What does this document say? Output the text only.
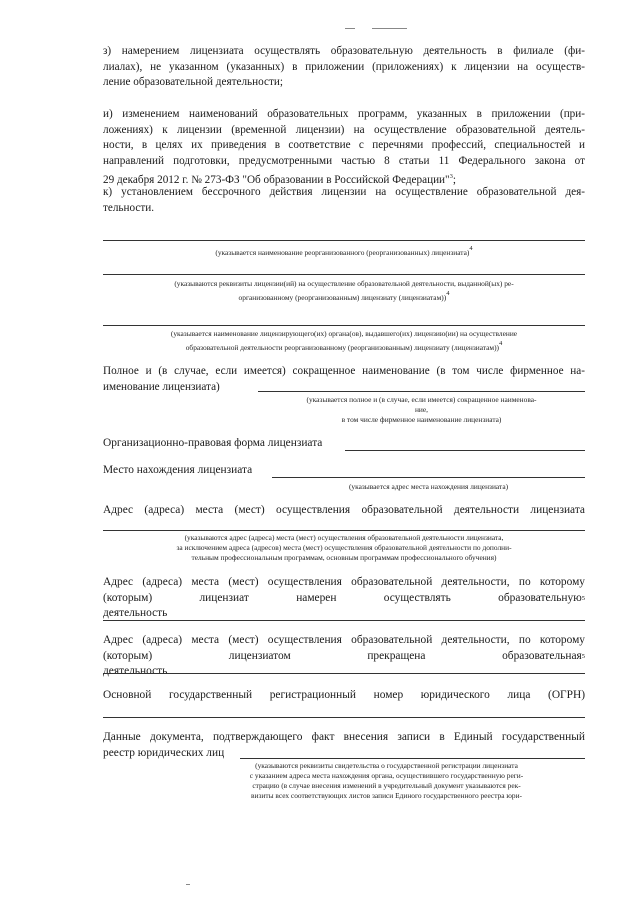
з) намерением лицензиата осуществлять образовательную деятельность в филиале (фи-
лиалах), не указанном (указанных) в приложении (приложениях) к лицензии на осуществ-
ление образовательной деятельности;
и) изменением наименований образовательных программ, указанных в приложении (при-
ложениях) к лицензии (временной лицензии) на осуществление образовательной деятель-
ности, в целях их приведения в соответствие с перечнями профессий, специальностей и
направлений подготовки, предусмотренными частью 8 статьи 11 Федерального закона от
29 декабря 2012 г. № 273-ФЗ "Об образовании в Российской Федерации"$^3$;
к) установлением бессрочного действия лицензии на осуществление образовательной дея-
тельности.
(указывается наименование реорганизованного (реорганизованных) лицензиата)$^4$
(указываются реквизиты лицензии(ий) на осуществление образовательной деятельности, выданной(ых) ре-
организованному (реорганизованным) лицензиату (лицензиатам))$^4$
(указывается наименование лицензирующего(их) органа(ов), выдавшего(их) лицензию(ии) на осуществление
образовательной деятельности реорганизованному (реорганизованным) лицензиату (лицензиатам))$^4$
Полное и (в случае, если имеется) сокращенное наименование (в том числе фирменное на-
именование лицензиата)
(указывается полное и (в случае, если имеется) сокращенное наименова-
ние,
в том числе фирменное наименование лицензиата)
Организационно-правовая форма лицензиата
Место нахождения лицензиата
(указывается адрес места нахождения лицензиата)
Адрес (адреса) места (мест) осуществления образовательной деятельности лицензиата
(указываются адрес (адреса) места (мест) осуществления образовательной деятельности лицензиата,
за исключением адреса (адресов) места (мест) осуществления образовательной деятельности по дополни-
тельным профессиональным программам, основным программам профессионального обучения)
Адрес (адреса) места (мест) осуществления образовательной деятельности, по которому
(которым) лицензиат намерен осуществлять образовательную деятельность
5
Адрес (адреса) места (мест) осуществления образовательной деятельности, по которому
(которым) лицензиатом прекращена образовательная деятельность
5
Основной государственный регистрационный номер юридического лица (ОГРН)
Данные документа, подтверждающего факт внесения записи в Единый государственный
реестр юридических лиц
(указываются реквизиты свидетельства о государственной регистрации лицензиата
с указанием адреса места нахождения органа, осуществившего государственную реги-
страцию (в случае внесения изменений в учредительный документ указываются рек-
визиты всех соответствующих листов записи Единого государственного реестра юри-
